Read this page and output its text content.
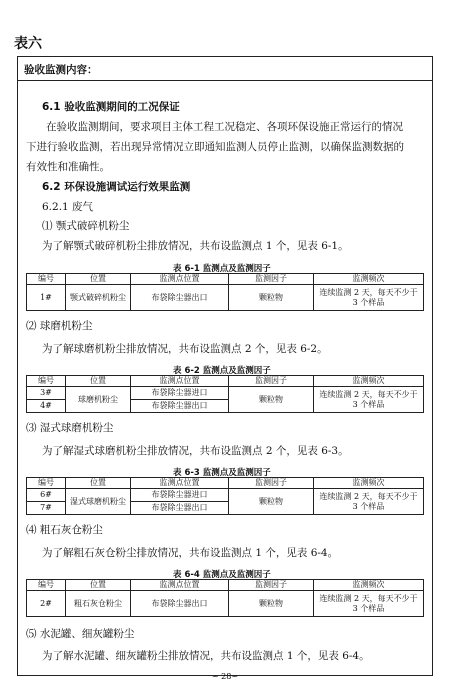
表六
验收监测内容：
6.1 验收监测期间的工况保证
在验收监测期间，要求项目主体工程工况稳定、各项环保设施正常运行的情况
下进行验收监测，若出现异常情况立即通知监测人员停止监测，以确保监测数据的
有效性和准确性。
6.2 环保设施调试运行效果监测
6.2.1 废气
⑴ 颚式破碎机粉尘
为了解颚式破碎机粉尘排放情况，共布设监测点 1 个，见表 6-1。
表 6-1 监测点及监测因子
编号	位置	监测点位置	监测因子	监测频次
1#	颚式破碎机粉尘	布袋除尘器出口	颗粒物	连续监测 2 天，每天不少于 3 个样品
⑵ 球磨机粉尘
为了解球磨机粉尘排放情况，共布设监测点 2 个，见表 6-2。
表 6-2 监测点及监测因子
编号	位置	监测点位置	监测因子	监测频次
3#	球磨机粉尘	布袋除尘器进口	颗粒物	连续监测 2 天，每天不少于 3 个样品
4#		布袋除尘器出口		
⑶ 湿式球磨机粉尘
为了解湿式球磨机粉尘排放情况，共布设监测点 2 个，见表 6-3。
表 6-3 监测点及监测因子
编号	位置	监测点位置	监测因子	监测频次
6#	湿式球磨机粉尘	布袋除尘器进口	颗粒物	连续监测 2 天，每天不少于 3 个样品
7#		布袋除尘器出口		
⑷ 粗石灰仓粉尘
为了解粗石灰仓粉尘排放情况，共布设监测点 1 个，见表 6-4。
表 6-4 监测点及监测因子
编号	位置	监测点位置	监测因子	监测频次
2#	粗石灰仓粉尘	布袋除尘器出口	颗粒物	连续监测 2 天，每天不少于 3 个样品
⑸ 水泥罐、细灰罐粉尘
为了解水泥罐、细灰罐粉尘排放情况，共布设监测点 1 个，见表 6-4。
~ 28~
